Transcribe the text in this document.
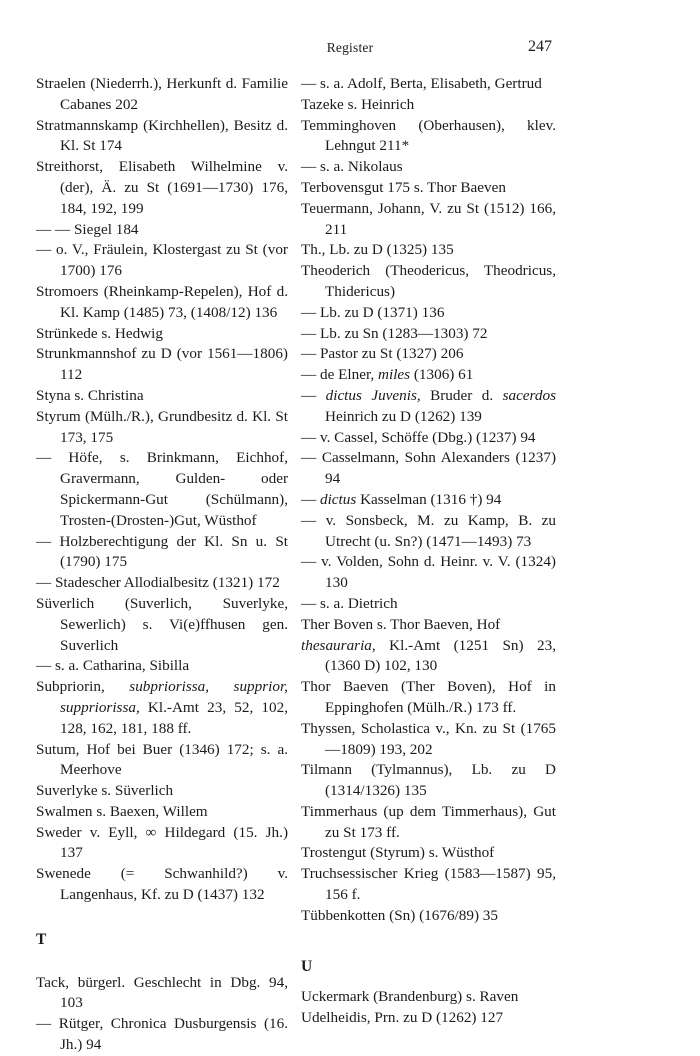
Register	247
Straelen (Niederrh.), Herkunft d. Familie Cabanes 202
Stratmannskamp (Kirchhellen), Besitz d. Kl. St 174
Streithorst, Elisabeth Wilhelmine v. (der), Ä. zu St (1691—1730) 176, 184, 192, 199
— — Siegel 184
— o. V., Fräulein, Klostergast zu St (vor 1700) 176
Stromoers (Rheinkamp-Repelen), Hof d. Kl. Kamp (1485) 73, (1408/12) 136
Strünkede s. Hedwig
Strunkmannshof zu D (vor 1561—1806) 112
Styna s. Christina
Styrum (Mülh./R.), Grundbesitz d. Kl. St 173, 175
— Höfe, s. Brinkmann, Eichhof, Gravermann, Gulden- oder Spickermann-Gut (Schülmann), Trosten-(Drosten-)Gut, Wüsthof
— Holzberechtigung der Kl. Sn u. St (1790) 175
— Stadescher Allodialbesitz (1321) 172
Süverlich (Suverlich, Suverlyke, Sewerlich) s. Vi(e)ffhusen gen. Suverlich
— s. a. Catharina, Sibilla
Subpriorin, subpriorissa, supprior, suppriorissa, Kl.-Amt 23, 52, 102, 128, 162, 181, 188 ff.
Sutum, Hof bei Buer (1346) 172; s. a. Meerhove
Suverlyke s. Süverlich
Swalmen s. Baexen, Willem
Sweder v. Eyll, ∞ Hildegard (15. Jh.) 137
Swenede (= Schwanhild?) v. Langenhaus, Kf. zu D (1437) 132
T
Tack, bürgerl. Geschlecht in Dbg. 94, 103
— Rütger, Chronica Dusburgensis (16. Jh.) 94
— s. a. Adolf, Berta, Elisabeth, Gertrud
Tazeke s. Heinrich
Temminghoven (Oberhausen), klev. Lehngut 211*
— s. a. Nikolaus
Terbovensgut 175 s. Thor Baeven
Teuermann, Johann, V. zu St (1512) 166, 211
Th., Lb. zu D (1325) 135
Theoderich (Theodericus, Theodricus, Thidericus)
— Lb. zu D (1371) 136
— Lb. zu Sn (1283—1303) 72
— Pastor zu St (1327) 206
— de Elner, miles (1306) 61
— dictus Juvenis, Bruder d. sacerdos Heinrich zu D (1262) 139
— v. Cassel, Schöffe (Dbg.) (1237) 94
— Casselmann, Sohn Alexanders (1237) 94
— dictus Kasselman (1316 †) 94
— v. Sonsbeck, M. zu Kamp, B. zu Utrecht (u. Sn?) (1471—1493) 73
— v. Volden, Sohn d. Heinr. v. V. (1324) 130
— s. a. Dietrich
Ther Boven s. Thor Baeven, Hof
thesauraria, Kl.-Amt (1251 Sn) 23, (1360 D) 102, 130
Thor Baeven (Ther Boven), Hof in Eppinghofen (Mülh./R.) 173 ff.
Thyssen, Scholastica v., Kn. zu St (1765—1809) 193, 202
Tilmann (Tylmannus), Lb. zu D (1314/1326) 135
Timmerhaus (up dem Timmerhaus), Gut zu St 173 ff.
Trostengut (Styrum) s. Wüsthof
Truchsessischer Krieg (1583—1587) 95, 156 f.
Tübbenkotten (Sn) (1676/89) 35
U
Uckermark (Brandenburg) s. Raven
Udelheidis, Prn. zu D (1262) 127
